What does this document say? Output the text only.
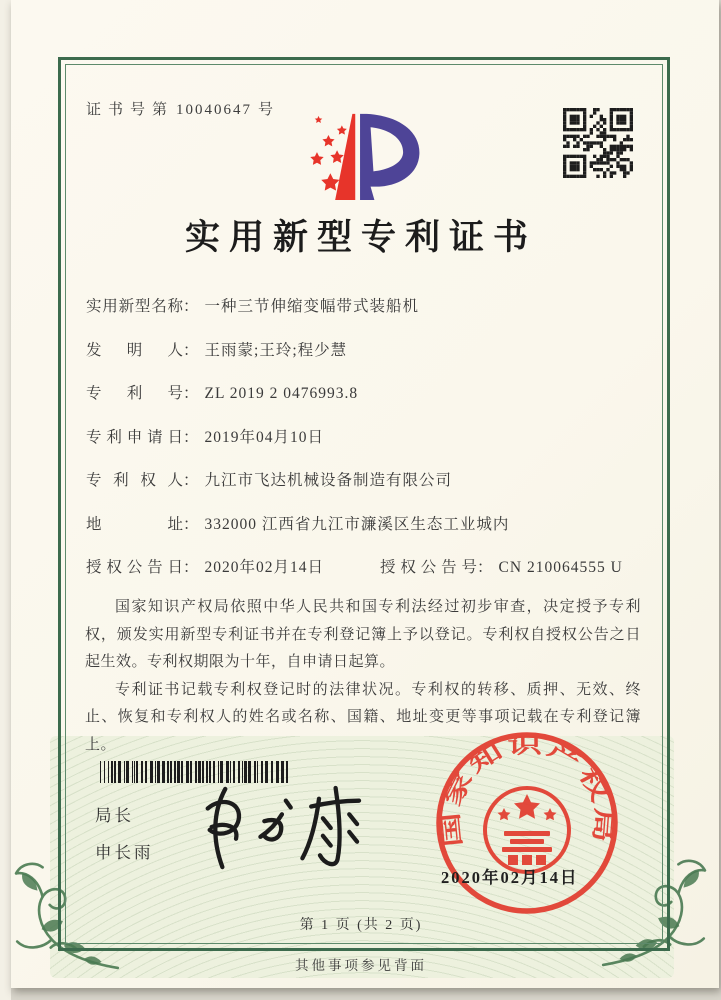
证书号第 10040647 号
实用新型专利证书
实用新型名称： 一种三节伸缩变幅带式装船机
发明人： 王雨蒙;王玲;程少慧
专利号： ZL 2019 2 0476993.8
专利申请日： 2019年04月10日
专利权人： 九江市飞达机械设备制造有限公司
地址： 332000 江西省九江市濂溪区生态工业城内
授权公告日： 2020年02月14日	授权公告号： CN 210064555 U

国家知识产权局依照中华人民共和国专利法经过初步审查，决定授予专利权，颁发实用新型专利证书并在专利登记簿上予以登记。专利权自授权公告之日起生效。专利权期限为十年，自申请日起算。

专利证书记载专利权登记时的法律状况。专利权的转移、质押、无效、终止、恢复和专利权人的姓名或名称、国籍、地址变更等事项记载在专利登记簿上。

局长
申长雨
国家知识产权局
2020年02月14日
第 1 页 (共 2 页)
其他事项参见背面
